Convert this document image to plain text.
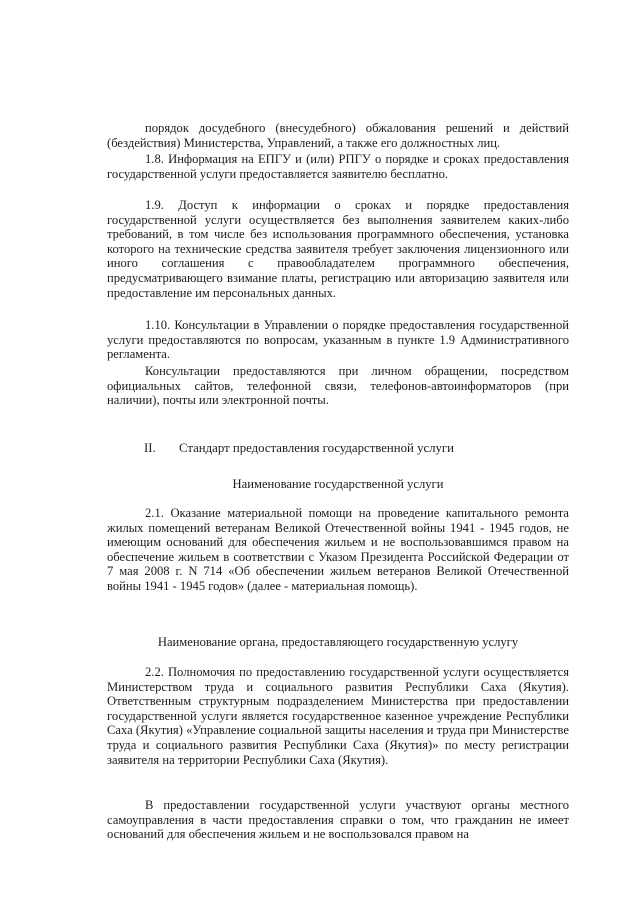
порядок досудебного (внесудебного) обжалования решений и действий (бездействия) Министерства, Управлений, а также его должностных лиц.

1.8. Информация на ЕПГУ и (или) РПГУ о порядке и сроках предоставления государственной услуги предоставляется заявителю бесплатно.

1.9. Доступ к информации о сроках и порядке предоставления государственной услуги осуществляется без выполнения заявителем каких-либо требований, в том числе без использования программного обеспечения, установка которого на технические средства заявителя требует заключения лицензионного или иного соглашения с правообладателем программного обеспечения, предусматривающего взимание платы, регистрацию или авторизацию заявителя или предоставление им персональных данных.

1.10. Консультации в Управлении о порядке предоставления государственной услуги предоставляются по вопросам, указанным в пункте 1.9 Административного регламента.

Консультации предоставляются при личном обращении, посредством официальных сайтов, телефонной связи, телефонов-автоинформаторов (при наличии), почты или электронной почты.

II. Стандарт предоставления государственной услуги

Наименование государственной услуги

2.1. Оказание материальной помощи на проведение капитального ремонта жилых помещений ветеранам Великой Отечественной войны 1941 - 1945 годов, не имеющим оснований для обеспечения жильем и не воспользовавшимся правом на обеспечение жильем в соответствии с Указом Президента Российской Федерации от 7 мая 2008 г. N 714 «Об обеспечении жильем ветеранов Великой Отечественной войны 1941 - 1945 годов» (далее - материальная помощь).

Наименование органа, предоставляющего государственную услугу

2.2. Полномочия по предоставлению государственной услуги осуществляется Министерством труда и социального развития Республики Саха (Якутия). Ответственным структурным подразделением Министерства при предоставлении государственной услуги является государственное казенное учреждение Республики Саха (Якутия) «Управление социальной защиты населения и труда при Министерстве труда и социального развития Республики Саха (Якутия)» по месту регистрации заявителя на территории Республики Саха (Якутия).

В предоставлении государственной услуги участвуют органы местного самоуправления в части предоставления справки о том, что гражданин не имеет оснований для обеспечения жильем и не воспользовался правом на
